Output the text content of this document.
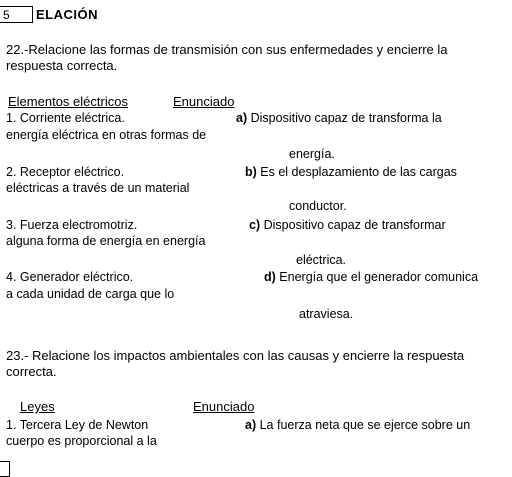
5	ELACIÓN
22.-Relacione las formas de transmisión con sus enfermedades y encierre la
respuesta correcta.
Elementos eléctricos	Enunciado
1. Corriente eléctrica.	a) Dispositivo capaz de transforma la
energía eléctrica en otras formas de
energía.
2. Receptor eléctrico.	b) Es el desplazamiento de las cargas
eléctricas a través de un material
conductor.
3. Fuerza electromotriz.	c) Dispositivo capaz de transformar
alguna forma de energía en energía
eléctrica.
4. Generador eléctrico.	d) Energía que el generador comunica
a cada unidad de carga que lo
atraviesa.
23.- Relacione los impactos ambientales con las causas y encierre la respuesta
correcta.
Leyes	Enunciado
1. Tercera Ley de Newton	a) La fuerza neta que se ejerce sobre un
cuerpo es proporcional a la
